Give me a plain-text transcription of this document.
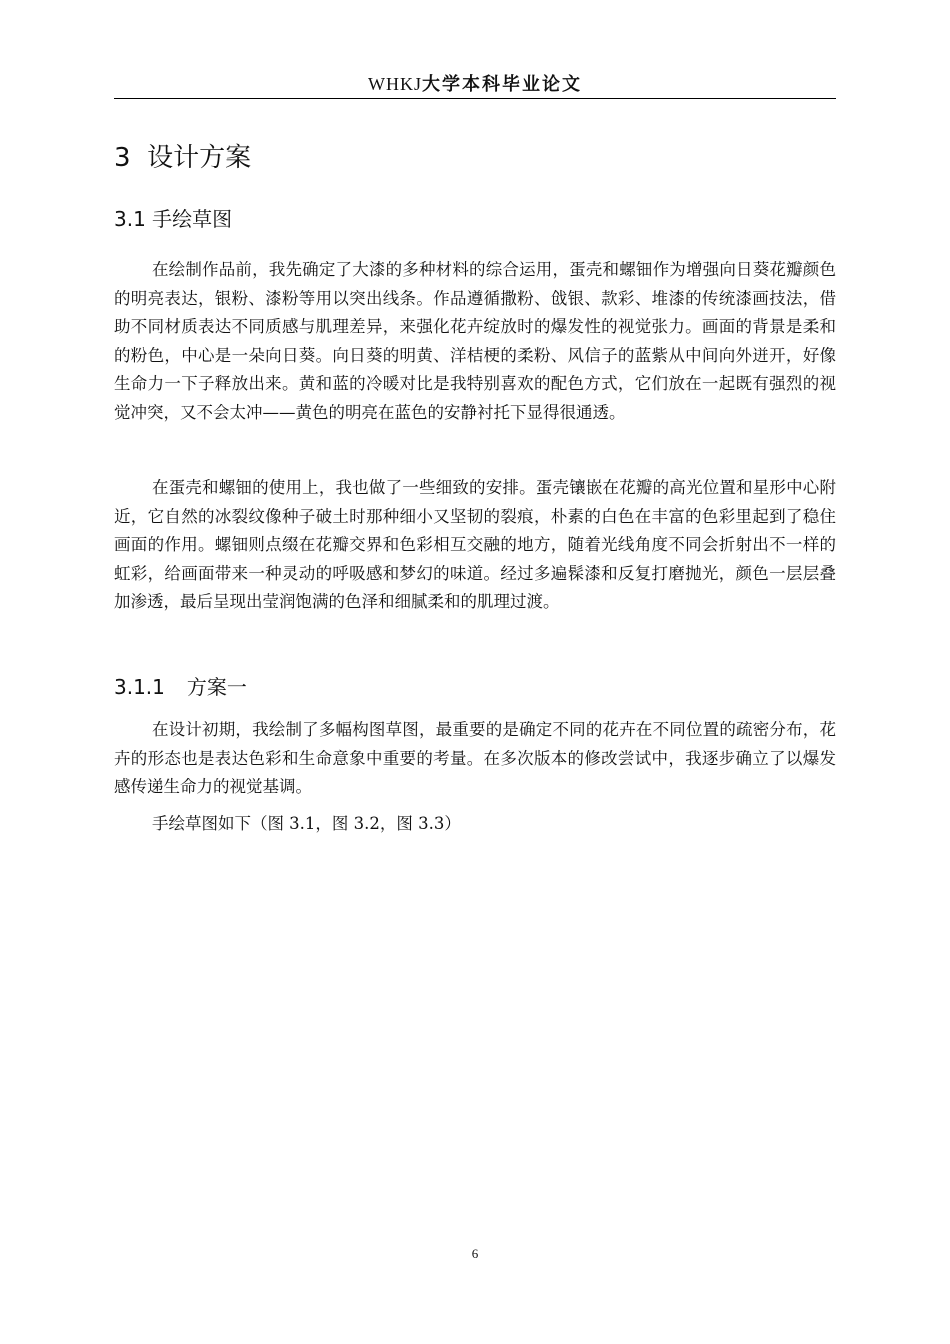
WHKJ大学本科毕业论文
3 设计方案
3.1 手绘草图

在绘制作品前，我先确定了大漆的多种材料的综合运用，蛋壳和螺钿作为增强向日葵花瓣颜色的明亮表达，银粉、漆粉等用以突出线条。作品遵循撒粉、戗银、款彩、堆漆的传统漆画技法，借助不同材质表达不同质感与肌理差异，来强化花卉绽放时的爆发性的视觉张力。画面的背景是柔和的粉色，中心是一朵向日葵。向日葵的明黄、洋桔梗的柔粉、风信子的蓝紫从中间向外迸开，好像生命力一下子释放出来。黄和蓝的冷暖对比是我特别喜欢的配色方式，它们放在一起既有强烈的视觉冲突，又不会太冲——黄色的明亮在蓝色的安静衬托下显得很通透。

在蛋壳和螺钿的使用上，我也做了一些细致的安排。蛋壳镶嵌在花瓣的高光位置和星形中心附近，它自然的冰裂纹像种子破土时那种细小又坚韧的裂痕，朴素的白色在丰富的色彩里起到了稳住画面的作用。螺钿则点缀在花瓣交界和色彩相互交融的地方，随着光线角度不同会折射出不一样的虹彩，给画面带来一种灵动的呼吸感和梦幻的味道。经过多遍髹漆和反复打磨抛光，颜色一层层叠加渗透，最后呈现出莹润饱满的色泽和细腻柔和的肌理过渡。

3.1.1 方案一

在设计初期，我绘制了多幅构图草图，最重要的是确定不同的花卉在不同位置的疏密分布，花卉的形态也是表达色彩和生命意象中重要的考量。在多次版本的修改尝试中，我逐步确立了以爆发感传递生命力的视觉基调。

手绘草图如下（图 3.1，图 3.2，图 3.3）

6
